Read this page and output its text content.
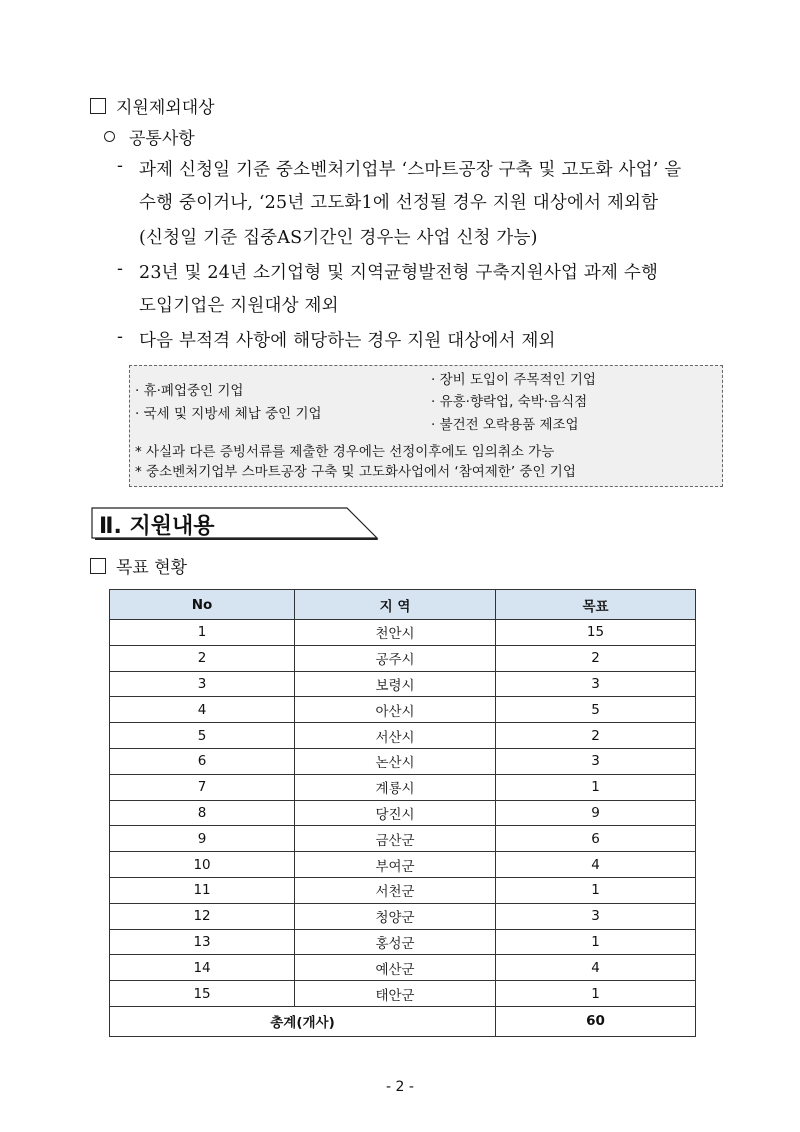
지원제외대상
공통사항
- 과제 신청일 기준 중소벤처기업부 ‘스마트공장 구축 및 고도화 사업’ 을
수행 중이거나, ‘25년 고도화1에 선정될 경우 지원 대상에서 제외함
(신청일 기준 집중AS기간인 경우는 사업 신청 가능)
- 23년 및 24년 소기업형 및 지역균형발전형 구축지원사업 과제 수행
도입기업은 지원대상 제외
- 다음 부적격 사항에 해당하는 경우 지원 대상에서 제외
· 휴·폐업중인 기업
· 국세 및 지방세 체납 중인 기업
· 장비 도입이 주목적인 기업
· 유흥·향락업, 숙박·음식점
· 불건전 오락용품 제조업
* 사실과 다른 증빙서류를 제출한 경우에는 선정이후에도 임의취소 가능
* 중소벤처기업부 스마트공장 구축 및 고도화사업에서 ‘참여제한’ 중인 기업
Ⅱ. 지원내용
목표 현황
No	지 역	목표
1	천안시	15
2	공주시	2
3	보령시	3
4	아산시	5
5	서산시	2
6	논산시	3
7	계룡시	1
8	당진시	9
9	금산군	6
10	부여군	4
11	서천군	1
12	청양군	3
13	홍성군	1
14	예산군	4
15	태안군	1
총계(개사)		60
- 2 -
